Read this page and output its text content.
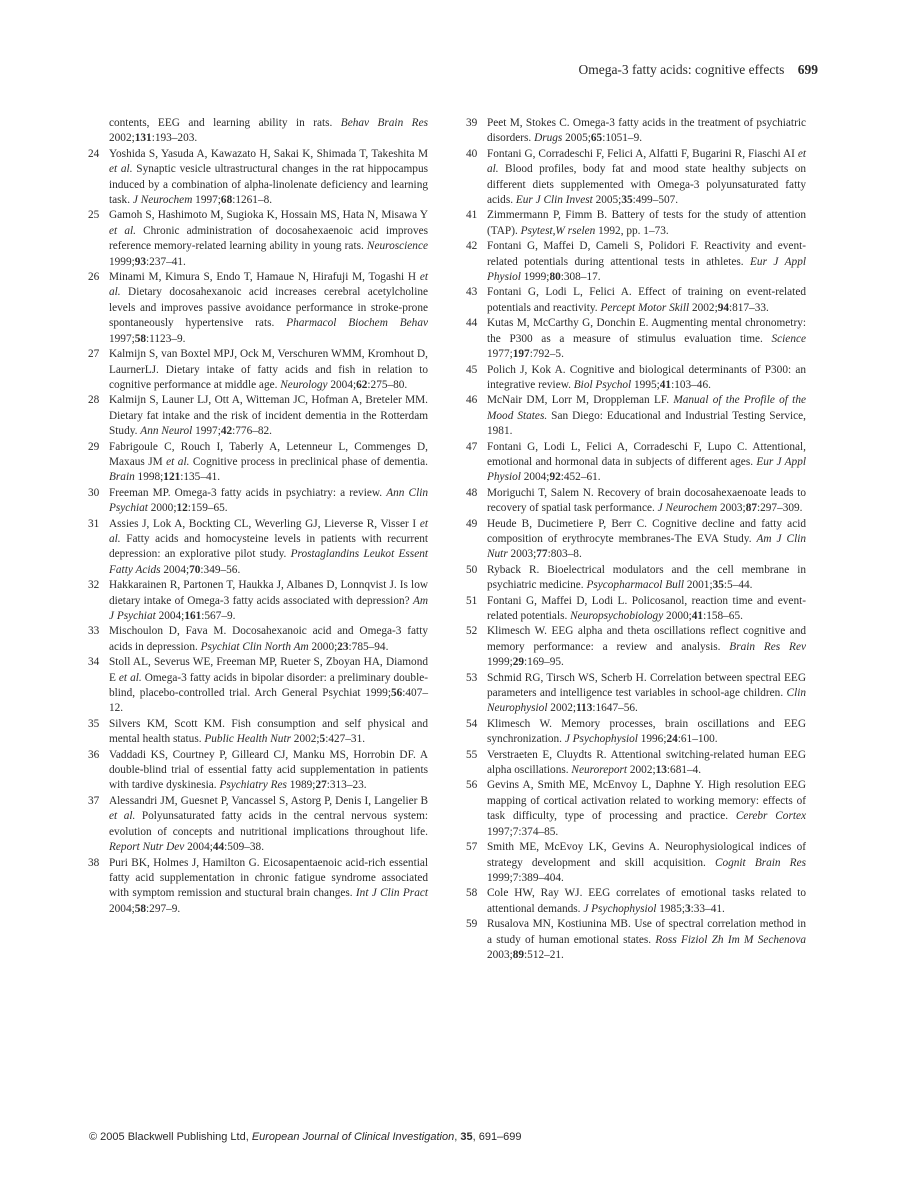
Omega-3 fatty acids: cognitive effects 699

contents, EEG and learning ability in rats. Behav Brain Res 2002;131:193–203.

24 Yoshida S, Yasuda A, Kawazato H, Sakai K, Shimada T, Takeshita M et al. Synaptic vesicle ultrastructural changes in the rat hippocampus induced by a combination of alpha-linolenate deficiency and learning task. J Neurochem 1997;68:1261–8.

25 Gamoh S, Hashimoto M, Sugioka K, Hossain MS, Hata N, Misawa Y et al. Chronic administration of docosahexaenoic acid improves reference memory-related learning ability in young rats. Neuroscience 1999;93:237–41.

26 Minami M, Kimura S, Endo T, Hamaue N, Hirafuji M, Togashi H et al. Dietary docosahexanoic acid increases cerebral acetylcholine levels and improves passive avoidance performance in stroke-prone spontaneously hypertensive rats. Pharmacol Biochem Behav 1997;58:1123–9.

27 Kalmijn S, van Boxtel MPJ, Ock M, Verschuren WMM, Kromhout D, LaurnerLJ. Dietary intake of fatty acids and fish in relation to cognitive performance at middle age. Neurology 2004;62:275–80.

28 Kalmijn S, Launer LJ, Ott A, Witteman JC, Hofman A, Breteler MM. Dietary fat intake and the risk of incident dementia in the Rotterdam Study. Ann Neurol 1997;42:776–82.

29 Fabrigoule C, Rouch I, Taberly A, Letenneur L, Commenges D, Maxaus JM et al. Cognitive process in preclinical phase of dementia. Brain 1998;121:135–41.

30 Freeman MP. Omega-3 fatty acids in psychiatry: a review. Ann Clin Psychiat 2000;12:159–65.

31 Assies J, Lok A, Bockting CL, Weverling GJ, Lieverse R, Visser I et al. Fatty acids and homocysteine levels in patients with recurrent depression: an explorative pilot study. Prostaglandins Leukot Essent Fatty Acids 2004;70:349–56.

32 Hakkarainen R, Partonen T, Haukka J, Albanes D, Lonnqvist J. Is low dietary intake of Omega-3 fatty acids associated with depression? Am J Psychiat 2004;161:567–9.

33 Mischoulon D, Fava M. Docosahexanoic acid and Omega-3 fatty acids in depression. Psychiat Clin North Am 2000;23:785–94.

34 Stoll AL, Severus WE, Freeman MP, Rueter S, Zboyan HA, Diamond E et al. Omega-3 fatty acids in bipolar disorder: a preliminary double-blind, placebo-controlled trial. Arch General Psychiat 1999;56:407–12.

35 Silvers KM, Scott KM. Fish consumption and self physical and mental health status. Public Health Nutr 2002;5:427–31.

36 Vaddadi KS, Courtney P, Gilleard CJ, Manku MS, Horrobin DF. A double-blind trial of essential fatty acid supplementation in patients with tardive dyskinesia. Psychiatry Res 1989;27:313–23.

37 Alessandri JM, Guesnet P, Vancassel S, Astorg P, Denis I, Langelier B et al. Polyunsaturated fatty acids in the central nervous system: evolution of concepts and nutritional implications throughout life. Report Nutr Dev 2004;44:509–38.

38 Puri BK, Holmes J, Hamilton G. Eicosapentaenoic acid-rich essential fatty acid supplementation in chronic fatigue syndrome associated with symptom remission and stuctural brain changes. Int J Clin Pract 2004;58:297–9.

39 Peet M, Stokes C. Omega-3 fatty acids in the treatment of psychiatric disorders. Drugs 2005;65:1051–9.

40 Fontani G, Corradeschi F, Felici A, Alfatti F, Bugarini R, Fiaschi AI et al. Blood profiles, body fat and mood state healthy subjects on different diets supplemented with Omega-3 polyunsaturated fatty acids. Eur J Clin Invest 2005;35:499–507.

41 Zimmermann P, Fimm B. Battery of tests for the study of attention (TAP). Psytest,W rselen 1992, pp. 1–73.

42 Fontani G, Maffei D, Cameli S, Polidori F. Reactivity and event-related potentials during attentional tests in athletes. Eur J Appl Physiol 1999;80:308–17.

43 Fontani G, Lodi L, Felici A. Effect of training on event-related potentials and reactivity. Percept Motor Skill 2002;94:817–33.

44 Kutas M, McCarthy G, Donchin E. Augmenting mental chronometry: the P300 as a measure of stimulus evaluation time. Science 1977;197:792–5.

45 Polich J, Kok A. Cognitive and biological determinants of P300: an integrative review. Biol Psychol 1995;41:103–46.

46 McNair DM, Lorr M, Droppleman LF. Manual of the Profile of the Mood States. San Diego: Educational and Industrial Testing Service, 1981.

47 Fontani G, Lodi L, Felici A, Corradeschi F, Lupo C. Attentional, emotional and hormonal data in subjects of different ages. Eur J Appl Physiol 2004;92:452–61.

48 Moriguchi T, Salem N. Recovery of brain docosahexaenoate leads to recovery of spatial task performance. J Neurochem 2003;87:297–309.

49 Heude B, Ducimetiere P, Berr C. Cognitive decline and fatty acid composition of erythrocyte membranes-The EVA Study. Am J Clin Nutr 2003;77:803–8.

50 Ryback R. Bioelectrical modulators and the cell membrane in psychiatric medicine. Psycopharmacol Bull 2001;35:5–44.

51 Fontani G, Maffei D, Lodi L. Policosanol, reaction time and event-related potentials. Neuropsychobiology 2000;41:158–65.

52 Klimesch W. EEG alpha and theta oscillations reflect cognitive and memory performance: a review and analysis. Brain Res Rev 1999;29:169–95.

53 Schmid RG, Tirsch WS, Scherb H. Correlation between spectral EEG parameters and intelligence test variables in school-age children. Clin Neurophysiol 2002;113:1647–56.

54 Klimesch W. Memory processes, brain oscillations and EEG synchronization. J Psychophysiol 1996;24:61–100.

55 Verstraeten E, Cluydts R. Attentional switching-related human EEG alpha oscillations. Neuroreport 2002;13:681–4.

56 Gevins A, Smith ME, McEnvoy L, Daphne Y. High resolution EEG mapping of cortical activation related to working memory: effects of task difficulty, type of processing and practice. Cerebr Cortex 1997;7:374–85.

57 Smith ME, McEvoy LK, Gevins A. Neurophysiological indices of strategy development and skill acquisition. Cognit Brain Res 1999;7:389–404.

58 Cole HW, Ray WJ. EEG correlates of emotional tasks related to attentional demands. J Psychophysiol 1985;3:33–41.

59 Rusalova MN, Kostiunina MB. Use of spectral correlation method in a study of human emotional states. Ross Fiziol Zh Im M Sechenova 2003;89:512–21.

© 2005 Blackwell Publishing Ltd, European Journal of Clinical Investigation, 35, 691–699
